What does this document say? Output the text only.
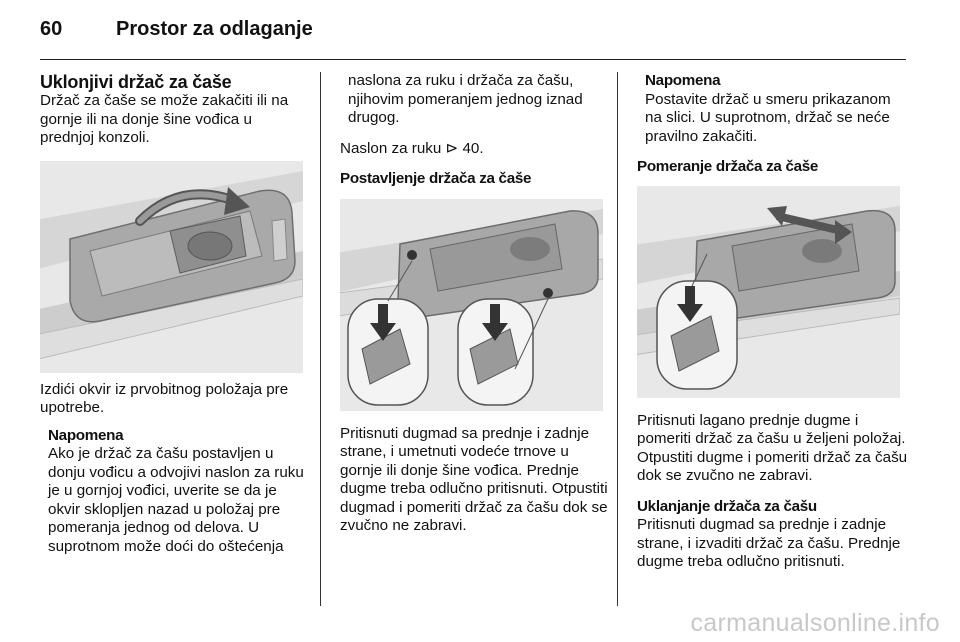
60	Prostor za odlaganje
Uklonjivi držač za čaše

Držač za čaše se može zakačiti ili na gornje ili na donje šine vođica u prednjoj konzoli.

Izdići okvir iz prvobitnog položaja pre upotrebe.

Napomena
Ako je držač za čašu postavljen u donju vođicu a odvojivi naslon za ruku je u gornjoj vođici, uverite se da je okvir sklopljen nazad u položaj pre pomeranja jednog od delova. U suprotnom može doći do oštećenja

naslona za ruku i držača za čašu, njihovim pomeranjem jednog iznad drugog.

Naslon za ruku ⊳ 40.

Postavljenje držača za čaše

Pritisnuti dugmad sa prednje i zadnje strane, i umetnuti vodeće trnove u gornje ili donje šine vođica. Prednje dugme treba odlučno pritisnuti. Otpustiti dugmad i pomeriti držač za čašu dok se zvučno ne zabravi.

Napomena
Postavite držač u smeru prikazanom na slici. U suprotnom, držač se neće pravilno zakačiti.
Pomeranje držača za čaše

Pritisnuti lagano prednje dugme i pomeriti držač za čašu u željeni položaj. Otpustiti dugme i pomeriti držač za čašu dok se zvučno ne zabravi.

Uklanjanje držača za čašu

Pritisnuti dugmad sa prednje i zadnje strane, i izvaditi držač za čašu. Prednje dugme treba odlučno pritisnuti.

carmanualsonline.info
